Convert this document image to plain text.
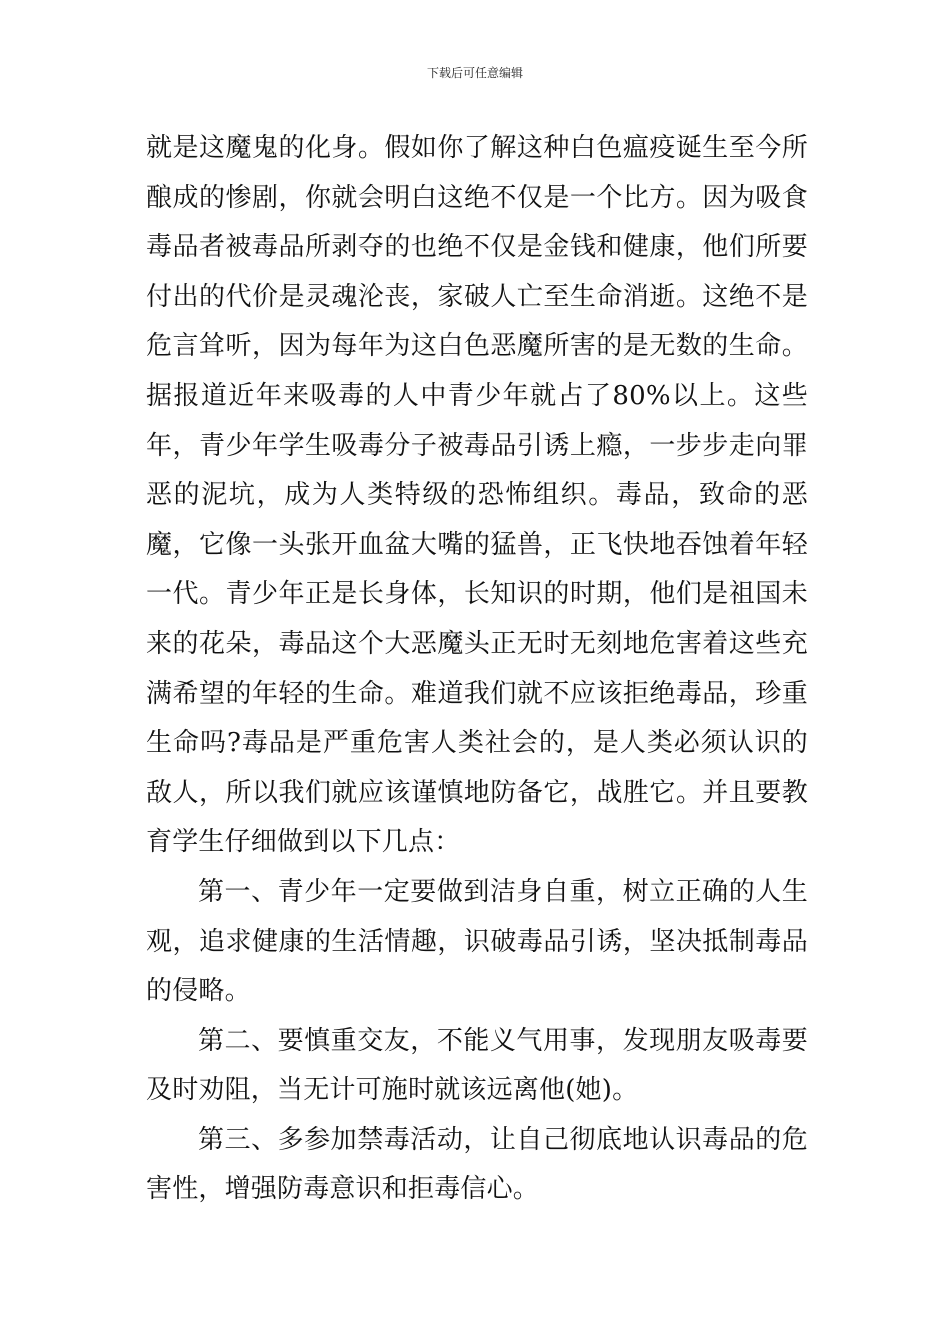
下载后可任意编辑

就是这魔鬼的化身。假如你了解这种白色瘟疫诞生至今所酿成的惨剧，你就会明白这绝不仅是一个比方。因为吸食毒品者被毒品所剥夺的也绝不仅是金钱和健康，他们所要付出的代价是灵魂沦丧，家破人亡至生命消逝。这绝不是危言耸听，因为每年为这白色恶魔所害的是无数的生命。据报道近年来吸毒的人中青少年就占了80%以上。这些年，青少年学生吸毒分子被毒品引诱上瘾，一步步走向罪恶的泥坑，成为人类特级的恐怖组织。毒品，致命的恶魔，它像一头张开血盆大嘴的猛兽，正飞快地吞蚀着年轻一代。青少年正是长身体，长知识的时期，他们是祖国未来的花朵，毒品这个大恶魔头正无时无刻地危害着这些充满希望的年轻的生命。难道我们就不应该拒绝毒品，珍重生命吗?毒品是严重危害人类社会的，是人类必须认识的敌人，所以我们就应该谨慎地防备它，战胜它。并且要教育学生仔细做到以下几点：

第一、青少年一定要做到洁身自重，树立正确的人生观，追求健康的生活情趣，识破毒品引诱，坚决抵制毒品的侵略。

第二、要慎重交友，不能义气用事，发现朋友吸毒要及时劝阻，当无计可施时就该远离他(她)。

第三、多参加禁毒活动，让自己彻底地认识毒品的危害性，增强防毒意识和拒毒信心。
